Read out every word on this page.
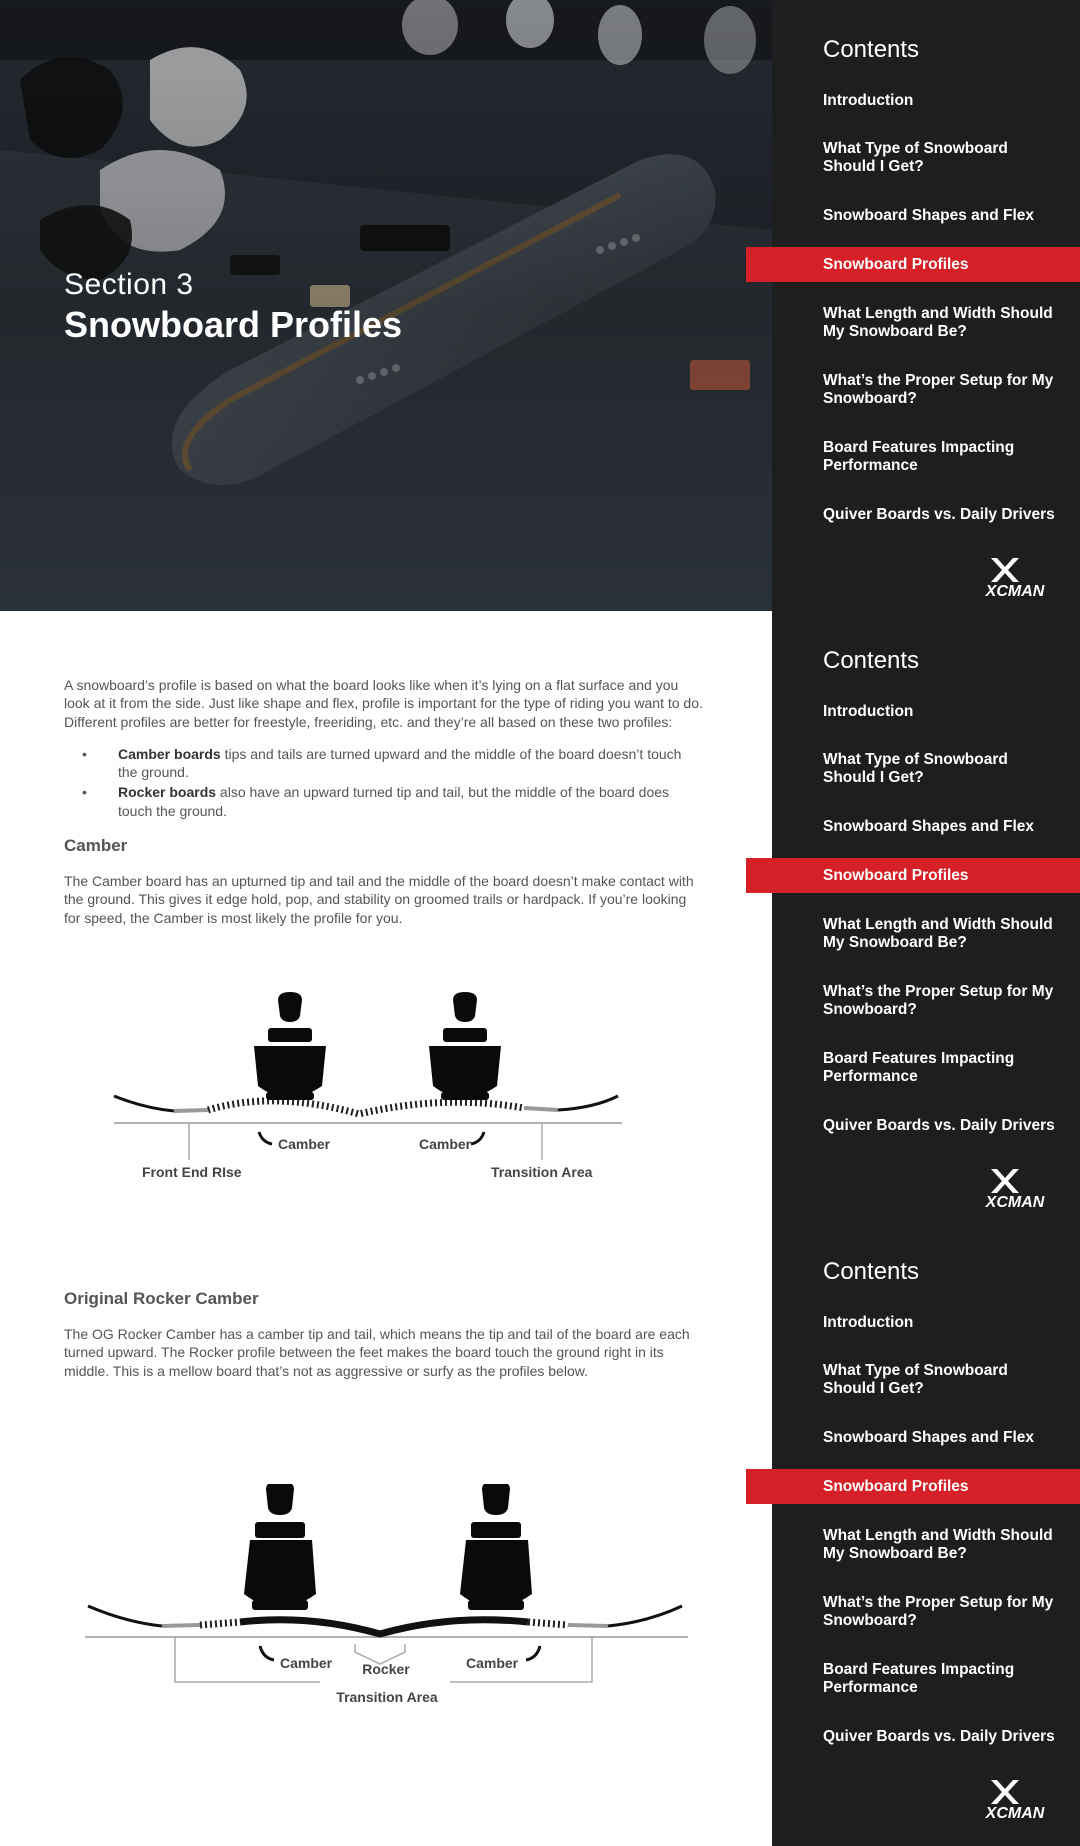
Section 3
Snowboard Profiles
Contents
Introduction
What Type of Snowboard Should I Get?
Snowboard Shapes and Flex
Snowboard Profiles
What Length and Width Should My Snowboard Be?
What’s the Proper Setup for My Snowboard?
Board Features Impacting Performance
Quiver Boards vs. Daily Drivers
XCMAN
Contents
Introduction
What Type of Snowboard Should I Get?
Snowboard Shapes and Flex
Snowboard Profiles
What Length and Width Should My Snowboard Be?
What’s the Proper Setup for My Snowboard?
Board Features Impacting Performance
Quiver Boards vs. Daily Drivers
XCMAN
Contents
Introduction
What Type of Snowboard Should I Get?
Snowboard Shapes and Flex
Snowboard Profiles
What Length and Width Should My Snowboard Be?
What’s the Proper Setup for My Snowboard?
Board Features Impacting Performance
Quiver Boards vs. Daily Drivers
XCMAN

A snowboard’s profile is based on what the board looks like when it’s lying on a flat surface and you look at it from the side. Just like shape and flex, profile is important for the type of riding you want to do. Different profiles are better for freestyle, freeriding, etc. and they’re all based on these two profiles:

• Camber boards tips and tails are turned upward and the middle of the board doesn’t touch the ground.
• Rocker boards also have an upward turned tip and tail, but the middle of the board does touch the ground.
Camber

The Camber board has an upturned tip and tail and the middle of the board doesn’t make contact with the ground. This gives it edge hold, pop, and stability on groomed trails or hardpack. If you’re looking for speed, the Camber is most likely the profile for you.

Front End RIse
Camber	Camber
Transition Area
Original Rocker Camber

The OG Rocker Camber has a camber tip and tail, which means the tip and tail of the board are each turned upward. The Rocker profile between the feet makes the board touch the ground right in its middle. This is a mellow board that’s not as aggressive or surfy as the profiles below.

Camber Rocker	Camber
Transition Area
